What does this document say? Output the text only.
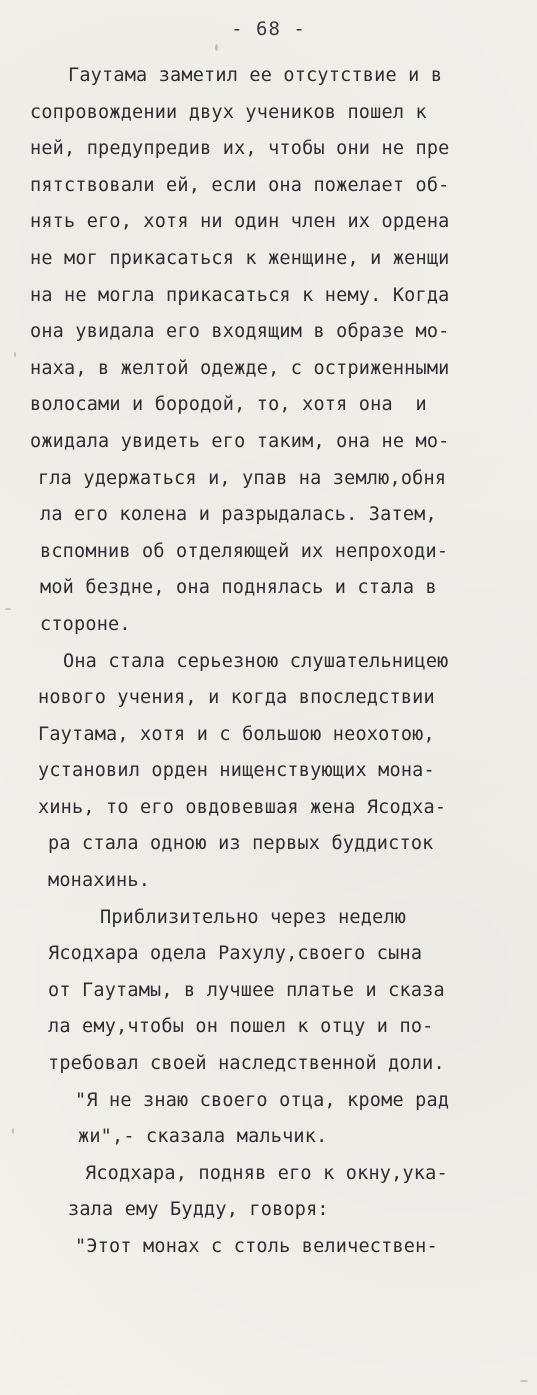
- 68 -
Гаутама заметил ее отсутствие и в
сопровождении двух учеников пошел к
ней, предупредив их, чтобы они не пре
пятствовали ей, если она пожелает об-
нять его, хотя ни один член их ордена
не мог прикасаться к женщине, и женщи
на не могла прикасаться к нему. Когда
она увидала его входящим в образе мо-
наха, в желтой одежде, с остриженными
волосами и бородой, то, хотя она  и
ожидала увидеть его таким, она не мо-
гла удержаться и, упав на землю,обня
ла его колена и разрыдалась. Затем,
вспомнив об отделяющей их непроходи-
мой бездне, она поднялась и стала в
стороне.
Она стала серьезною слушательницею
нового учения, и когда впоследствии
Гаутама, хотя и с большою неохотою,
установил орден нищенствующих мона-
хинь, то его овдовевшая жена Ясодха-
ра стала одною из первых буддисток
монахинь.
Приблизительно через неделю
Ясодхара одела Рахулу,своего сына
от Гаутамы, в лучшее платье и сказа
ла ему,чтобы он пошел к отцу и по-
требовал своей наследственной доли.
"Я не знаю своего отца, кроме рад
жи",- сказала мальчик.
Ясодхара, подняв его к окну,ука-
зала ему Будду, говоря:
"Этот монах с столь величествен-
